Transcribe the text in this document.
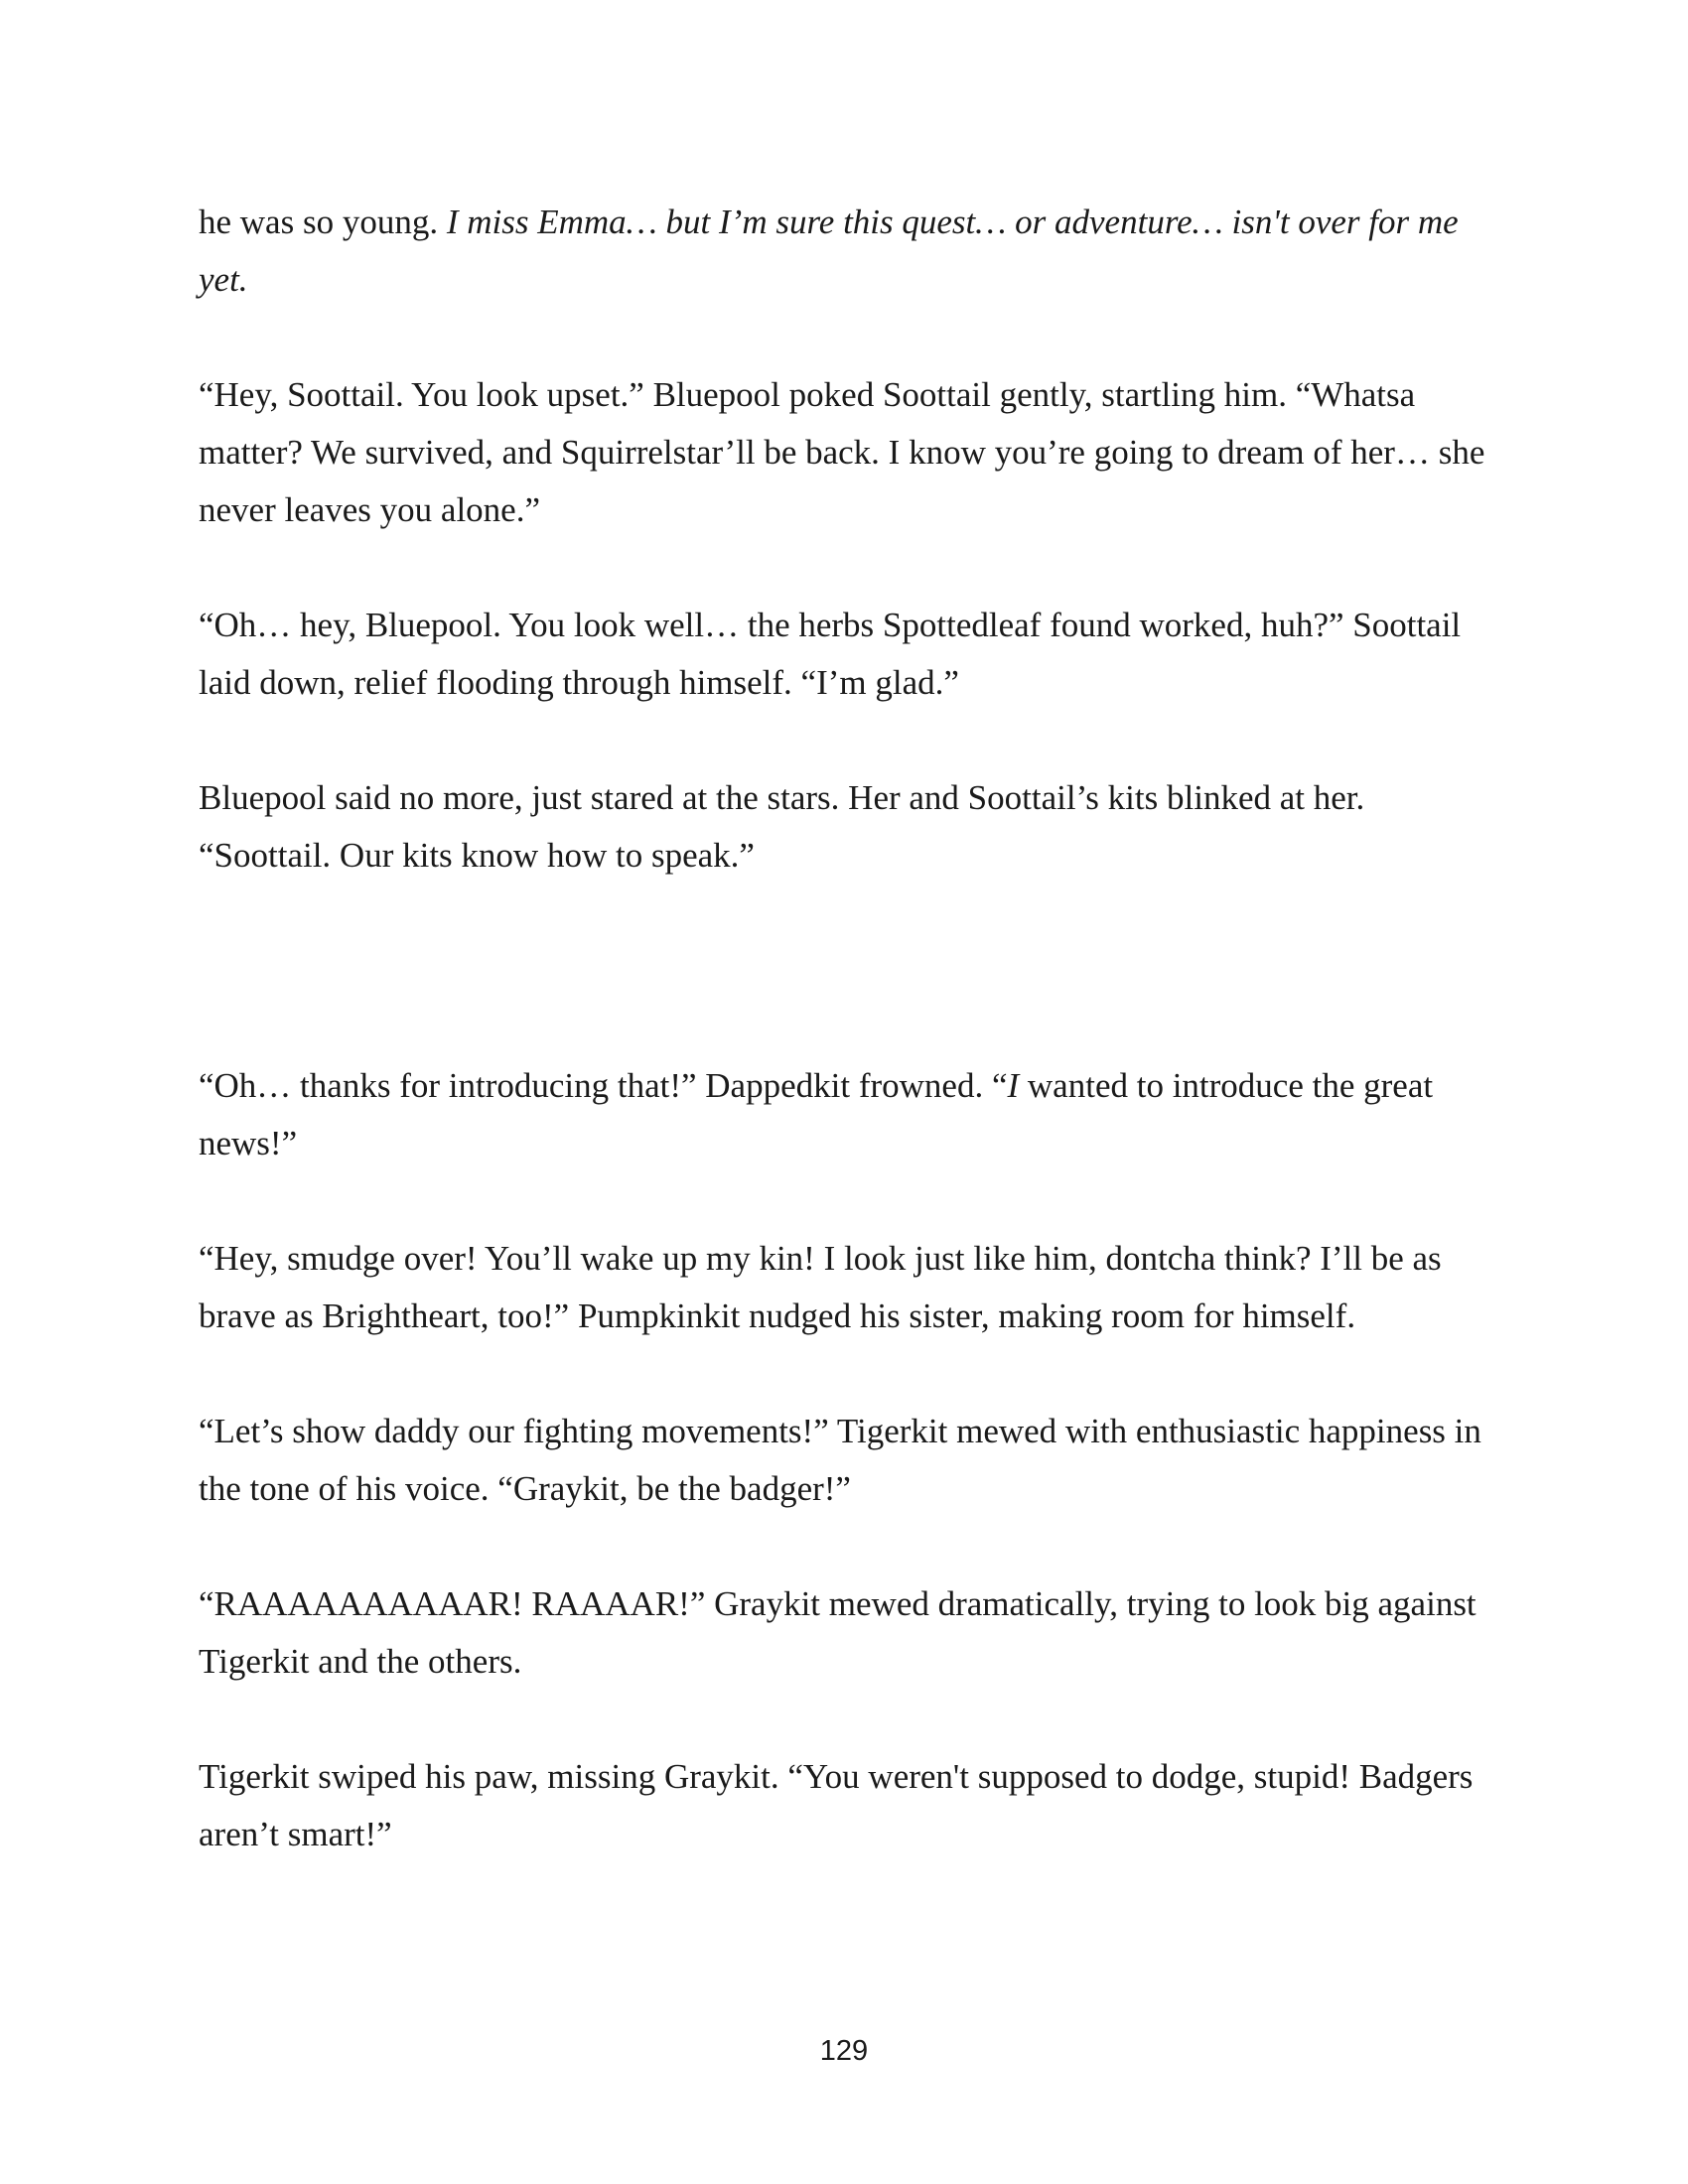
he was so young. I miss Emma… but I’m sure this quest… or adventure… isn't over for me yet.

“Hey, Soottail. You look upset.” Bluepool poked Soottail gently, startling him. “Whatsa matter? We survived, and Squirrelstar’ll be back. I know you’re going to dream of her… she never leaves you alone.”

“Oh… hey, Bluepool. You look well… the herbs Spottedleaf found worked, huh?” Soottail laid down, relief flooding through himself. “I’m glad.”

Bluepool said no more, just stared at the stars. Her and Soottail’s kits blinked at her. “Soottail. Our kits know how to speak.”

“Oh… thanks for introducing that!” Dappedkit frowned. “I wanted to introduce the great news!”

“Hey, smudge over! You’ll wake up my kin! I look just like him, dontcha think? I’ll be as brave as Brightheart, too!” Pumpkinkit nudged his sister, making room for himself.

“Let’s show daddy our fighting movements!” Tigerkit mewed with enthusiastic happiness in the tone of his voice. “Graykit, be the badger!”

“RAAAAAAAAAAR! RAAAAR!” Graykit mewed dramatically, trying to look big against Tigerkit and the others.

Tigerkit swiped his paw, missing Graykit. “You weren't supposed to dodge, stupid! Badgers aren’t smart!”

129
